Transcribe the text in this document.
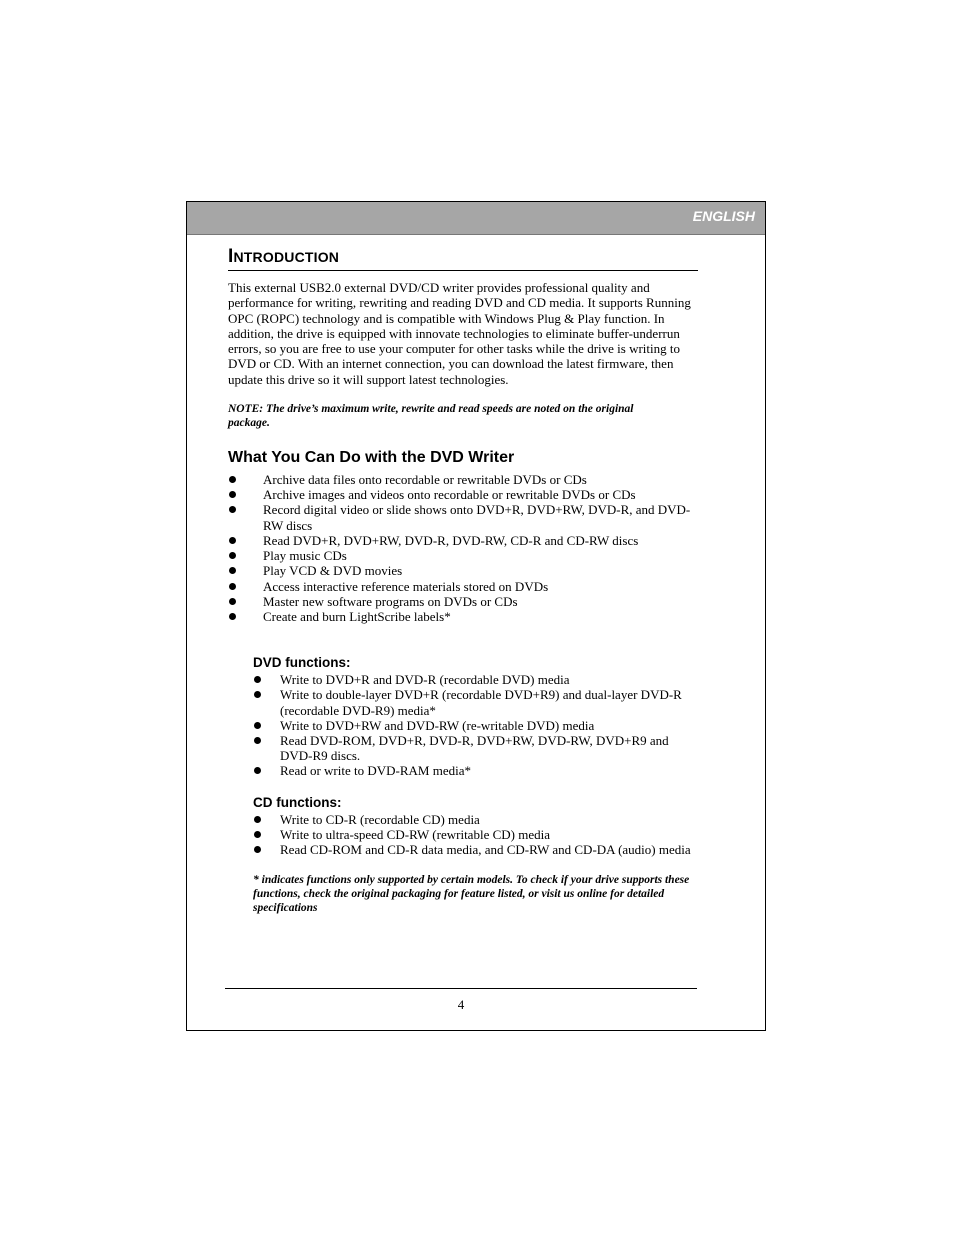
ENGLISH
INTRODUCTION

This external USB2.0 external DVD/CD writer provides professional quality and performance for writing, rewriting and reading DVD and CD media. It supports Running OPC (ROPC) technology and is compatible with Windows Plug & Play function. In addition, the drive is equipped with innovate technologies to eliminate buffer-underrun errors, so you are free to use your computer for other tasks while the drive is writing to DVD or CD. With an internet connection, you can download the latest firmware, then update this drive so it will support latest technologies.

NOTE: The drive’s maximum write, rewrite and read speeds are noted on the original package.

What You Can Do with the DVD Writer
Archive data files onto recordable or rewritable DVDs or CDs
Archive images and videos onto recordable or rewritable DVDs or CDs
Record digital video or slide shows onto DVD+R, DVD+RW, DVD-R, and DVD-RW discs
Read DVD+R, DVD+RW, DVD-R, DVD-RW, CD-R and CD-RW discs
Play music CDs
Play VCD & DVD movies
Access interactive reference materials stored on DVDs
Master new software programs on DVDs or CDs
Create and burn LightScribe labels*
DVD functions:
Write to DVD+R and DVD-R (recordable DVD) media
Write to double-layer DVD+R (recordable DVD+R9) and dual-layer DVD-R (recordable DVD-R9) media*
Write to DVD+RW and DVD-RW (re-writable DVD) media
Read DVD-ROM, DVD+R, DVD-R, DVD+RW, DVD-RW, DVD+R9 and DVD-R9 discs.
Read or write to DVD-RAM media*
CD functions:
Write to CD-R (recordable CD) media
Write to ultra-speed CD-RW (rewritable CD) media
Read CD-ROM and CD-R data media, and CD-RW and CD-DA (audio) media

* indicates functions only supported by certain models. To check if your drive supports these functions, check the original packaging for feature listed, or visit us online for detailed specifications

4
